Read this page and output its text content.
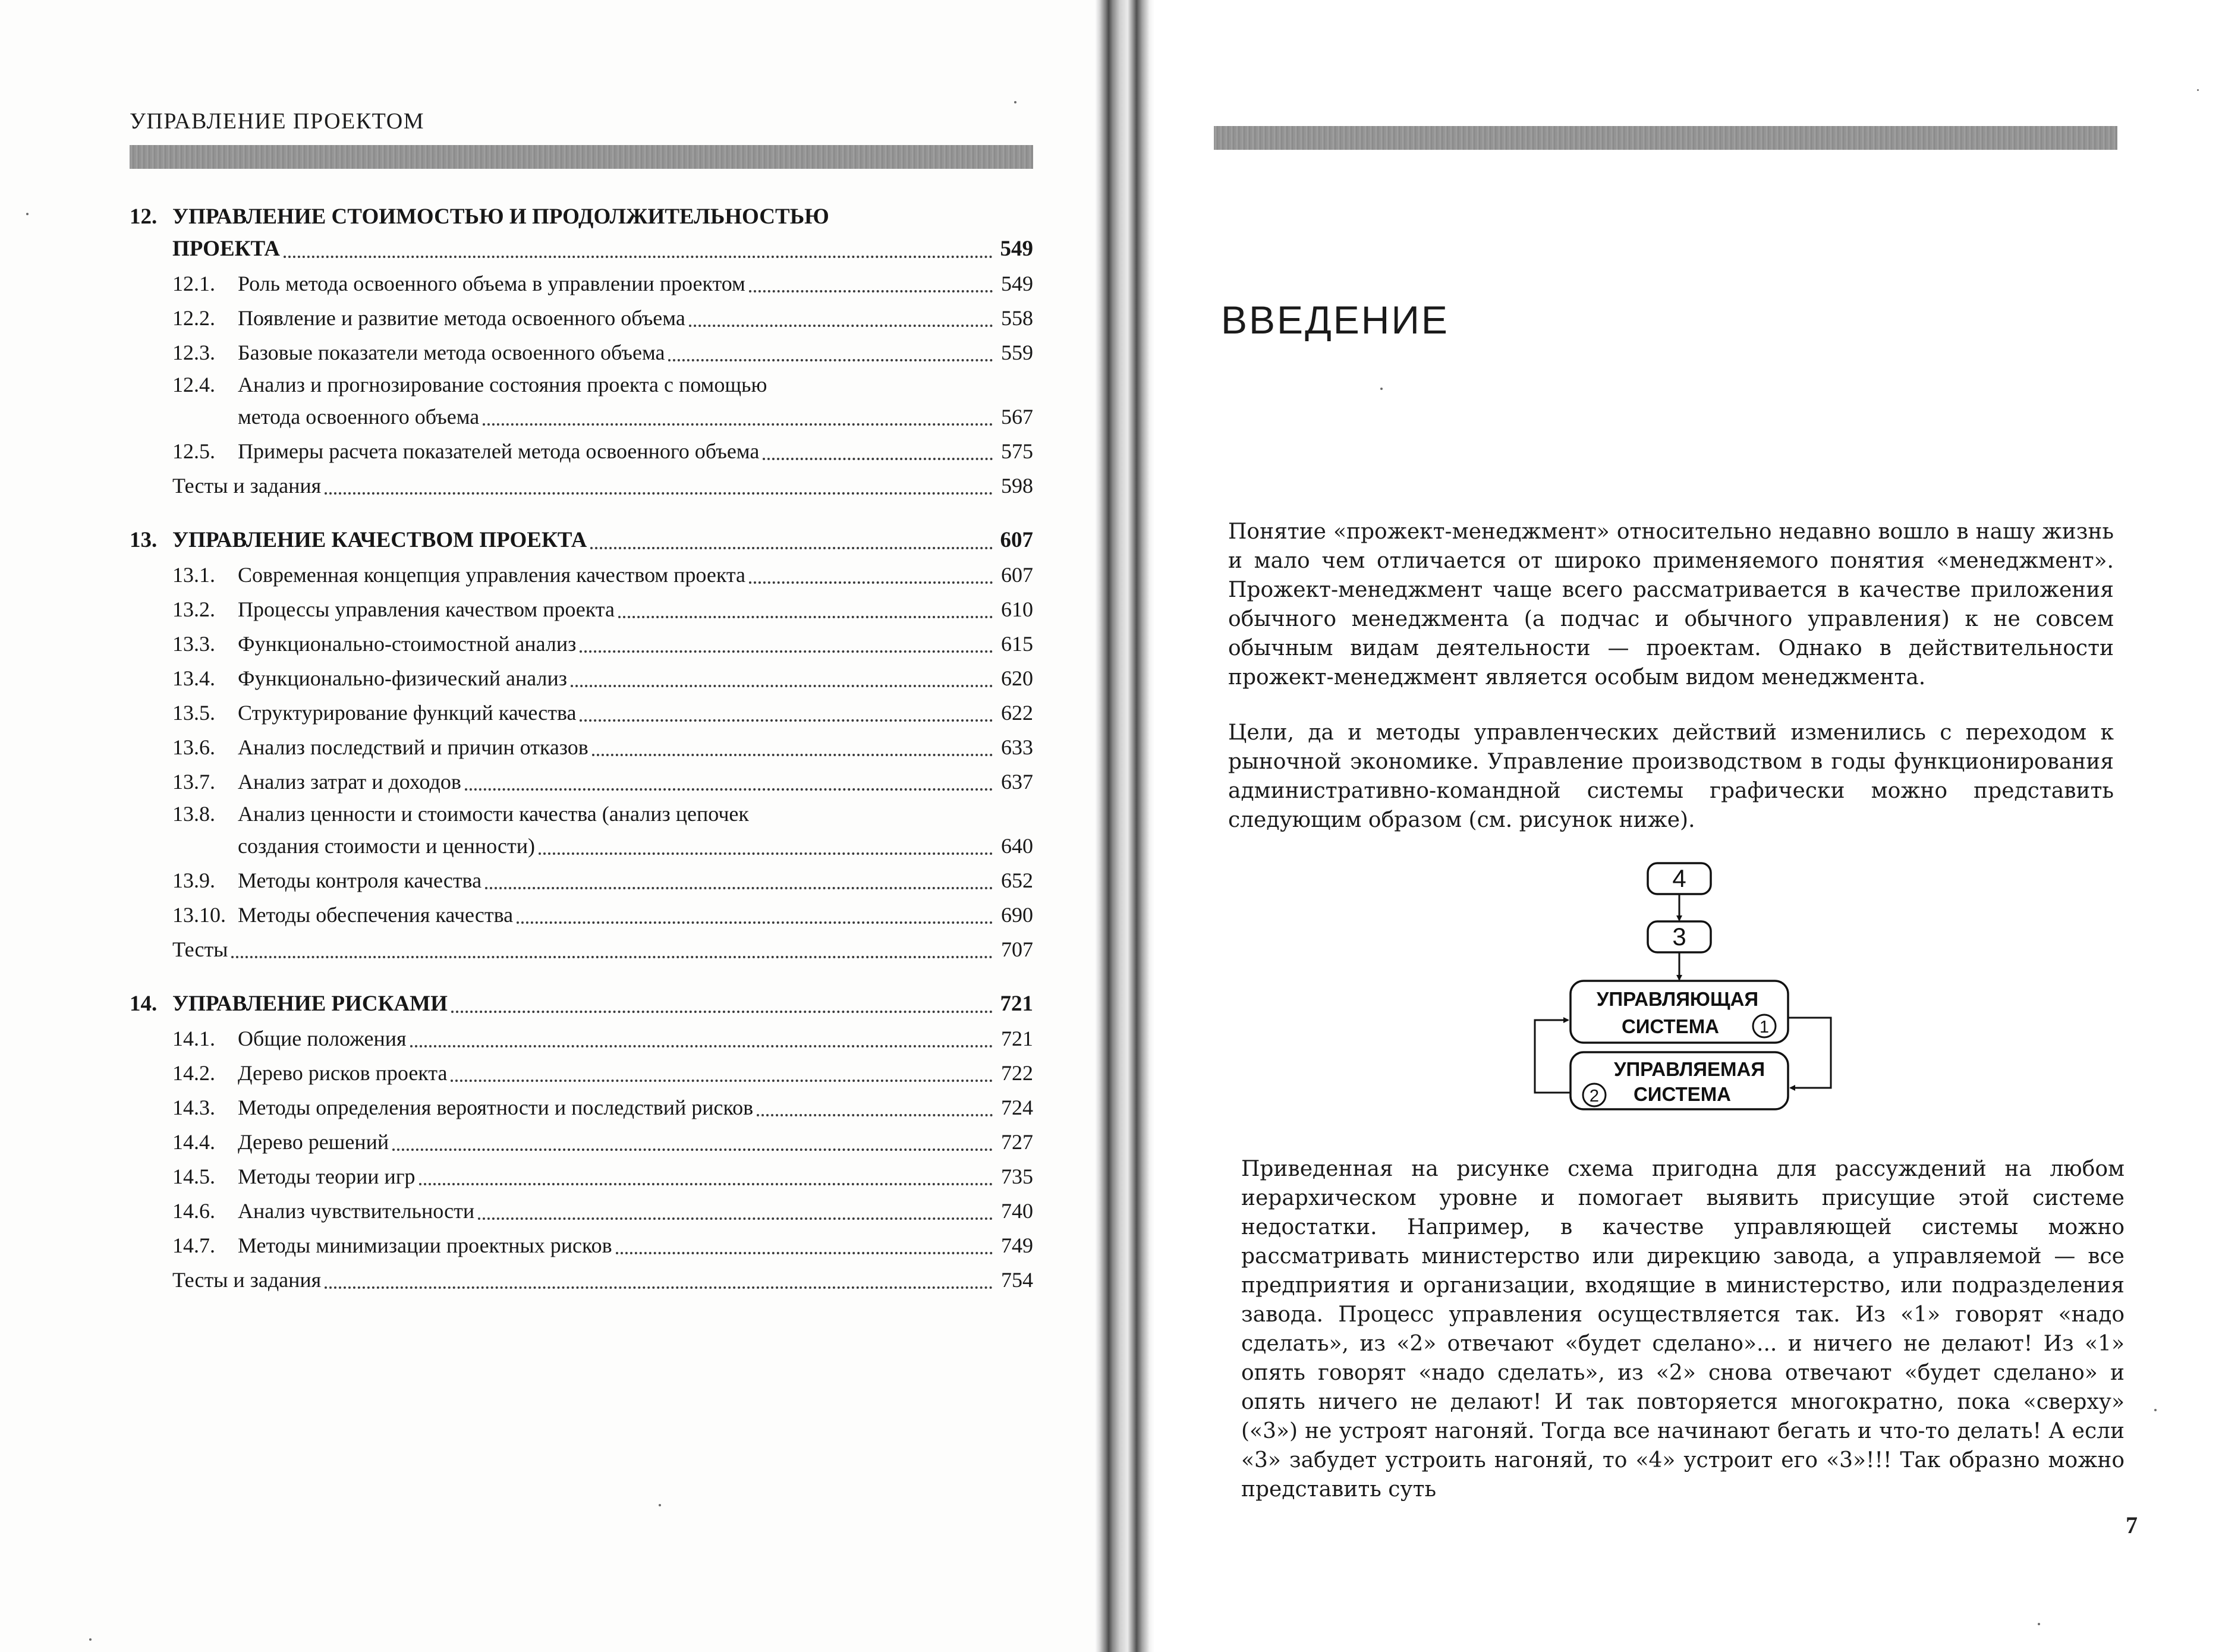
УПРАВЛЕНИЕ ПРОЕКТОМ
12. УПРАВЛЕНИЕ СТОИМОСТЬЮ И ПРОДОЛЖИТЕЛЬНОСТЬЮ
ПРОЕКТА	549
12.1.	Роль метода освоенного объема в управлении проектом	549
12.2.	Появление и развитие метода освоенного объема	558
12.3.	Базовые показатели метода освоенного объема	559
12.4.	Анализ и прогнозирование состояния проекта с помощью
метода освоенного объема	567
12.5.	Примеры расчета показателей метода освоенного объема	575
Тесты и задания	598
13. УПРАВЛЕНИЕ КАЧЕСТВОМ ПРОЕКТА	607
13.1.	Современная концепция управления качеством проекта	607
13.2.	Процессы управления качеством проекта	610
13.3.	Функционально-стоимостной анализ	615
13.4.	Функционально-физический анализ	620
13.5.	Структурирование функций качества	622
13.6.	Анализ последствий и причин отказов	633
13.7.	Анализ затрат и доходов	637
13.8.	Анализ ценности и стоимости качества (анализ цепочек
создания стоимости и ценности)	640
13.9.	Методы контроля качества	652
13.10. Методы обеспечения качества	690
Тесты	707
14. УПРАВЛЕНИЕ РИСКАМИ	721
14.1.	Общие положения	721
14.2.	Дерево рисков проекта	722
14.3.	Методы определения вероятности и последствий рисков	724
14.4.	Дерево решений	727
14.5.	Методы теории игр	735
14.6.	Анализ чувствительности	740
14.7.	Методы минимизации проектных рисков	749
Тесты и задания	754
ВВЕДЕНИЕ

Понятие «прожект-менеджмент» относительно недавно вошло в нашу жизнь и мало чем отличается от широко применяемого понятия «менеджмент». Прожект-менеджмент чаще всего рассматривается в качестве приложения обычного менеджмента (а подчас и обычного управления) к не совсем обычным видам деятельности — проектам. Однако в действительности прожект-менеджмент является особым видом менеджмента.

Цели, да и методы управленческих действий изменились с переходом к рыночной экономике. Управление производством в годы функционирования административно-командной системы графически можно представить следующим образом (см. рисунок ниже).

4
3
УПРАВЛЯЮЩАЯ
СИСТЕМА 1
УПРАВЛЯЕМАЯ
СИСТЕМА
2

Приведенная на рисунке схема пригодна для рассуждений на любом иерархическом уровне и помогает выявить присущие этой системе недостатки. Например, в качестве управляющей системы можно рассматривать министерство или дирекцию завода, а управляемой — все предприятия и организации, входящие в министерство, или подразделения завода. Процесс управления осуществляется так. Из «1» говорят «надо сделать», из «2» отвечают «будет сделано»... и ничего не делают! Из «1» опять говорят «надо сделать», из «2» снова отвечают «будет сделано» и опять ничего не делают! И так повторяется многократно, пока «сверху» («3») не устроят нагоняй. Тогда все начинают бегать и что-то делать! А если «3» забудет устроить нагоняй, то «4» устроит его «3»!!! Так образно можно представить суть

7
